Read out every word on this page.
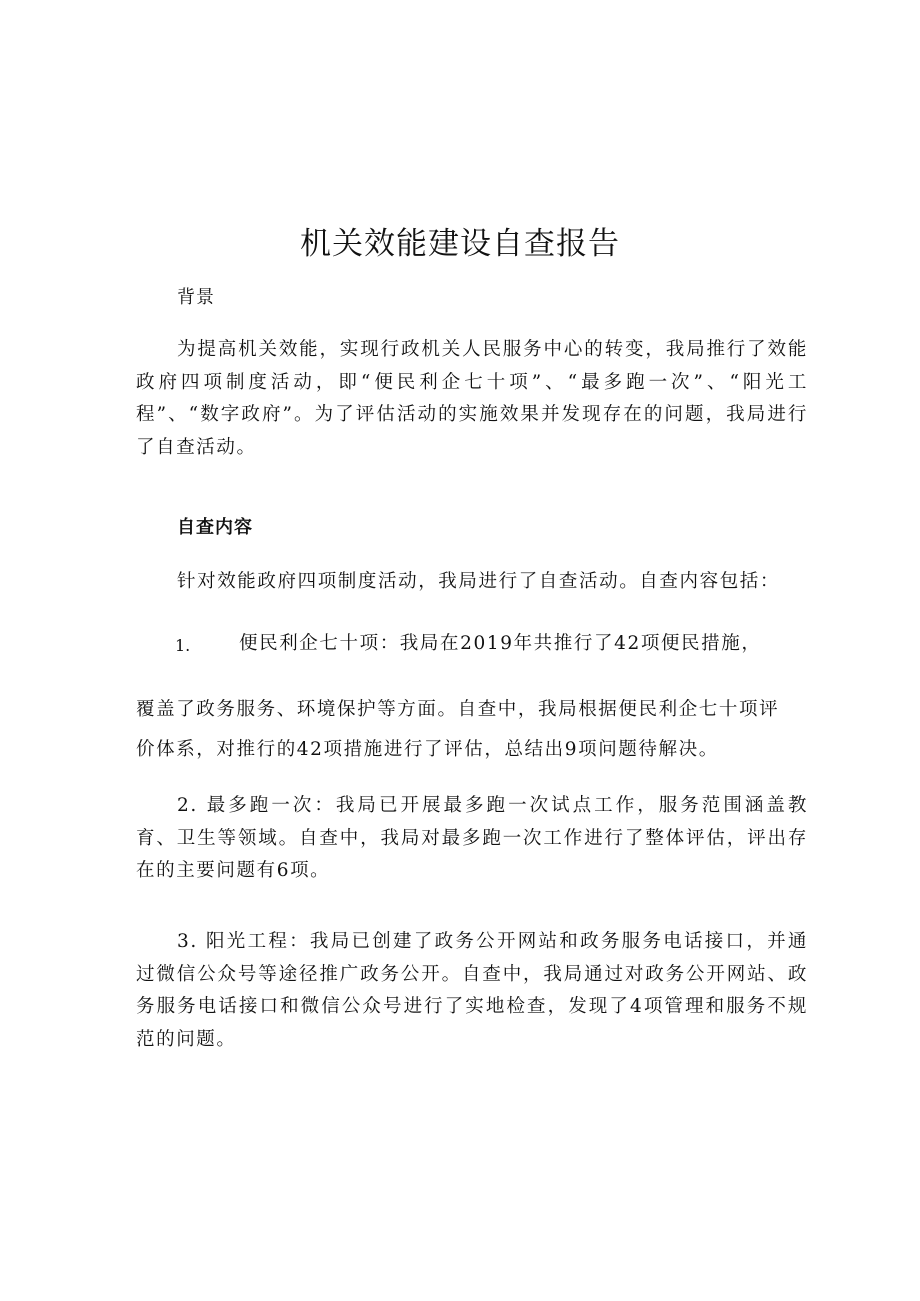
机关效能建设自查报告

背景

为提高机关效能，实现行政机关人民服务中心的转变，我局推行了效能政府四项制度活动，即“便民利企七十项”、“最多跑一次”、“阳光工程”、“数字政府”。为了评估活动的实施效果并发现存在的问题，我局进行了自查活动。

自查内容

针对效能政府四项制度活动，我局进行了自查活动。自查内容包括：

1.	便民利企七十项：我局在2019年共推行了42项便民措施，

覆盖了政务服务、环境保护等方面。自查中，我局根据便民利企七十项评

价体系，对推行的42项措施进行了评估，总结出9项问题待解决。

2. 最多跑一次：我局已开展最多跑一次试点工作，服务范围涵盖教育、卫生等领域。自查中，我局对最多跑一次工作进行了整体评估，评出存在的主要问题有6项。

3. 阳光工程：我局已创建了政务公开网站和政务服务电话接口，并通过微信公众号等途径推广政务公开。自查中，我局通过对政务公开网站、政务服务电话接口和微信公众号进行了实地检查，发现了4项管理和服务不规范的问题。
